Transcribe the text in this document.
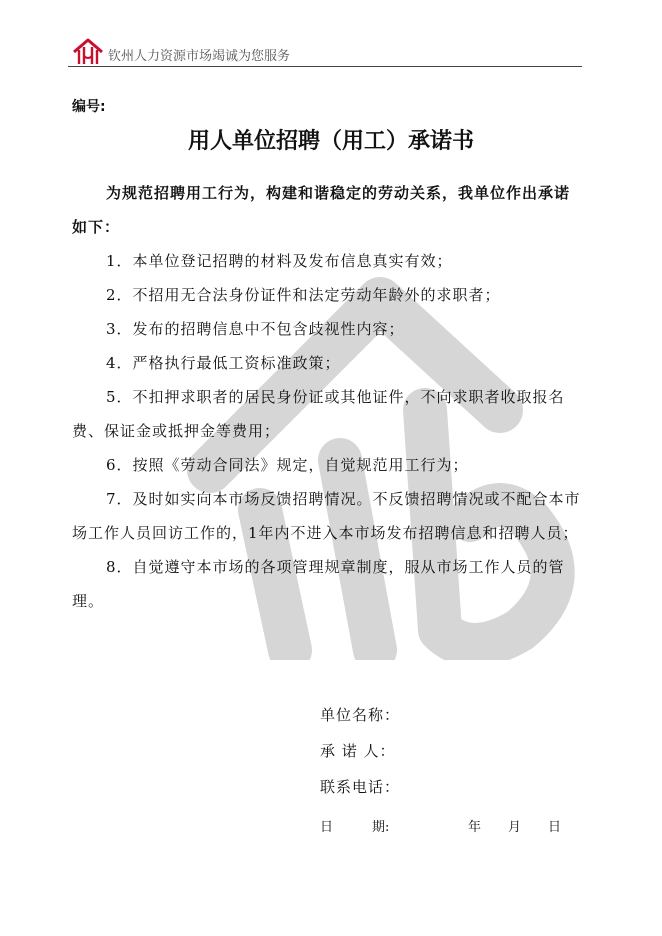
钦州人力资源市场竭诚为您服务
编号:
用人单位招聘（用工）承诺书
为规范招聘用工行为，构建和谐稳定的劳动关系，我单位作出承诺如下：

1．本单位登记招聘的材料及发布信息真实有效；

2．不招用无合法身份证件和法定劳动年龄外的求职者；

3．发布的招聘信息中不包含歧视性内容；

4．严格执行最低工资标准政策；

5．不扣押求职者的居民身份证或其他证件，不向求职者收取报名费、保证金或抵押金等费用；

6．按照《劳动合同法》规定，自觉规范用工行为；

7．及时如实向本市场反馈招聘情况。不反馈招聘情况或不配合本市场工作人员回访工作的，1年内不进入本市场发布招聘信息和招聘人员；

8．自觉遵守本市场的各项管理规章制度，服从市场工作人员的管理。

单位名称：
承 诺 人：
联系电话：
日	期:	年 月 日
